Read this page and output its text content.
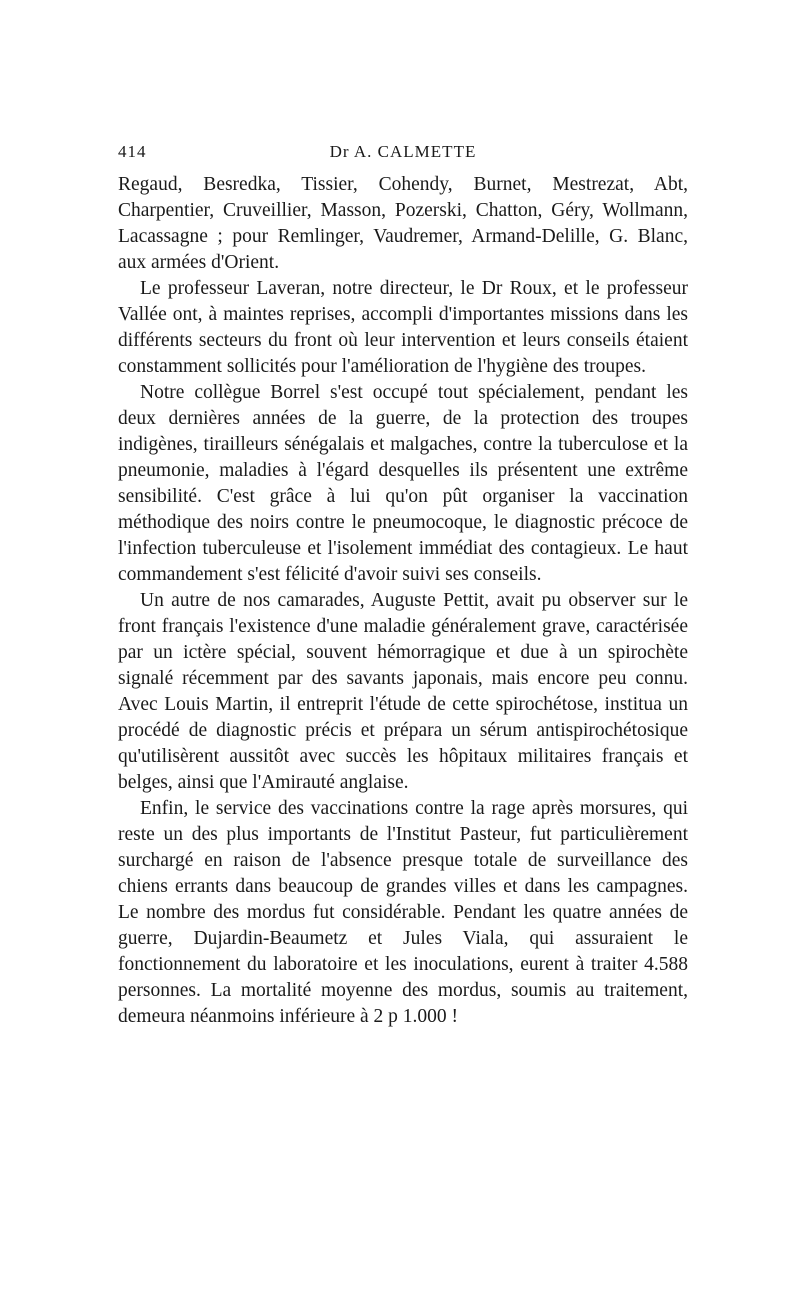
414	Dr A. CALMETTE

Regaud, Besredka, Tissier, Cohendy, Burnet, Mestrezat, Abt, Charpentier, Cruveillier, Masson, Pozerski, Chatton, Géry, Wollmann, Lacassagne ; pour Remlinger, Vaudremer, Armand-Delille, G. Blanc, aux armées d'Orient.

Le professeur Laveran, notre directeur, le Dr Roux, et le professeur Vallée ont, à maintes reprises, accompli d'importantes missions dans les différents secteurs du front où leur intervention et leurs conseils étaient constamment sollicités pour l'amélioration de l'hygiène des troupes.

Notre collègue Borrel s'est occupé tout spécialement, pendant les deux dernières années de la guerre, de la protection des troupes indigènes, tirailleurs sénégalais et malgaches, contre la tuberculose et la pneumonie, maladies à l'égard desquelles ils présentent une extrême sensibilité. C'est grâce à lui qu'on pût organiser la vaccination méthodique des noirs contre le pneumocoque, le diagnostic précoce de l'infection tuberculeuse et l'isolement immédiat des contagieux. Le haut commandement s'est félicité d'avoir suivi ses conseils.

Un autre de nos camarades, Auguste Pettit, avait pu observer sur le front français l'existence d'une maladie généralement grave, caractérisée par un ictère spécial, souvent hémorragique et due à un spirochète signalé récemment par des savants japonais, mais encore peu connu. Avec Louis Martin, il entreprit l'étude de cette spirochétose, institua un procédé de diagnostic précis et prépara un sérum antispirochétosique qu'utilisèrent aussitôt avec succès les hôpitaux militaires français et belges, ainsi que l'Amirauté anglaise.

Enfin, le service des vaccinations contre la rage après morsures, qui reste un des plus importants de l'Institut Pasteur, fut particulièrement surchargé en raison de l'absence presque totale de surveillance des chiens errants dans beaucoup de grandes villes et dans les campagnes. Le nombre des mordus fut considérable. Pendant les quatre années de guerre, Dujardin-Beaumetz et Jules Viala, qui assuraient le fonctionnement du laboratoire et les inoculations, eurent à traiter 4.588 personnes. La mortalité moyenne des mordus, soumis au traitement, demeura néanmoins inférieure à 2 p 1.000 !
